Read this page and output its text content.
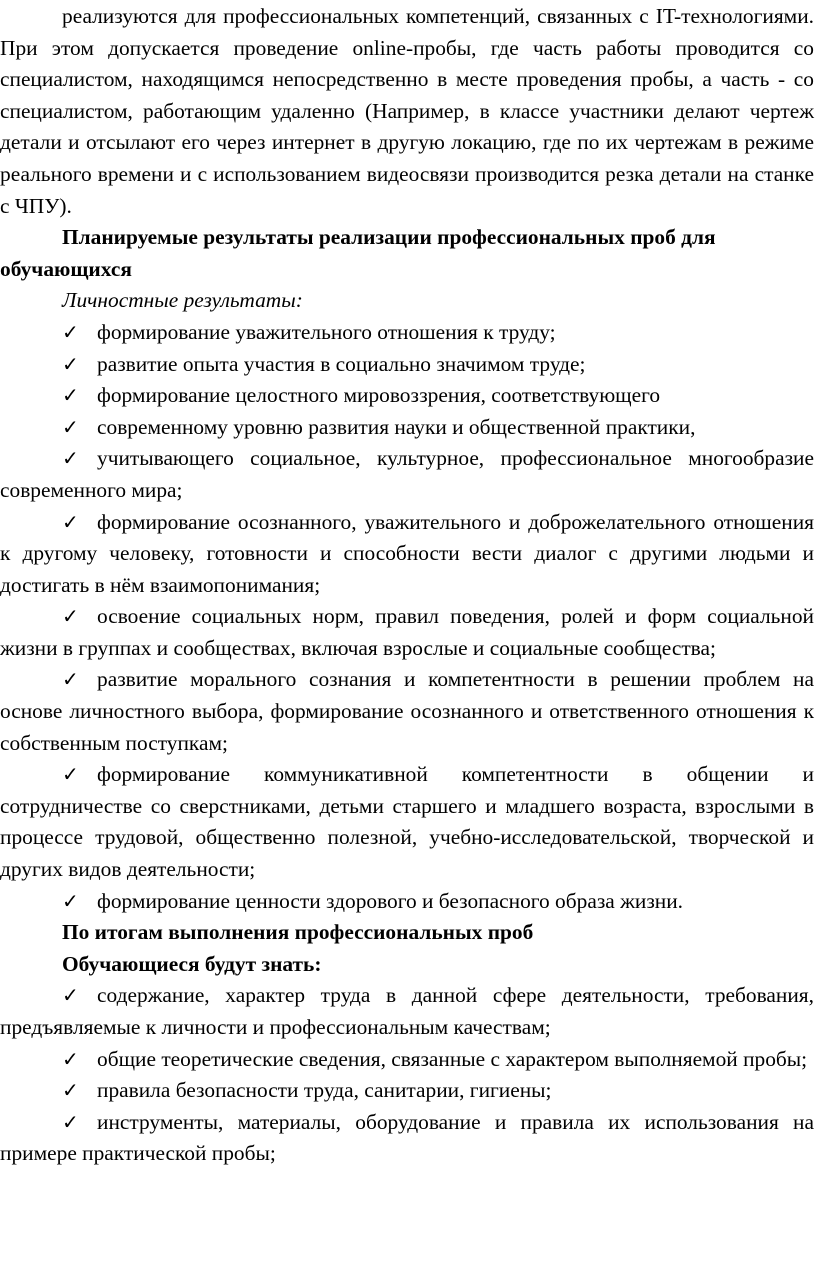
реализуются для профессиональных компетенций, связанных с IT-технологиями. При этом допускается проведение online-пробы, где часть работы проводится со специалистом, находящимся непосредственно в месте проведения пробы, а часть - со специалистом, работающим удаленно (Например, в классе участники делают чертеж детали и отсылают его через интернет в другую локацию, где по их чертежам в режиме реального времени и с использованием видеосвязи производится резка детали на станке с ЧПУ).

Планируемые результаты реализации профессиональных проб для обучающихся

Личностные результаты:

✓ формирование уважительного отношения к труду;

✓ развитие опыта участия в социально значимом труде;

✓ формирование целостного мировоззрения, соответствующего

✓ современному уровню развития науки и общественной практики,

✓ учитывающего социальное, культурное, профессиональное многообразие современного мира;

✓ формирование осознанного, уважительного и доброжелательного отношения к другому человеку, готовности и способности вести диалог с другими людьми и достигать в нём взаимопонимания;

✓ освоение социальных норм, правил поведения, ролей и форм социальной жизни в группах и сообществах, включая взрослые и социальные сообщества;

✓ развитие морального сознания и компетентности в решении проблем на основе личностного выбора, формирование осознанного и ответственного отношения к собственным поступкам;

✓ формирование коммуникативной компетентности в общении и сотрудничестве со сверстниками, детьми старшего и младшего возраста, взрослыми в процессе трудовой, общественно полезной, учебно-исследовательской, творческой и других видов деятельности;

✓ формирование ценности здорового и безопасного образа жизни.

По итогам выполнения профессиональных проб

Обучающиеся будут знать:

✓ содержание, характер труда в данной сфере деятельности, требования, предъявляемые к личности и профессиональным качествам;

✓ общие теоретические сведения, связанные с характером выполняемой пробы;

✓ правила безопасности труда, санитарии, гигиены;

✓ инструменты, материалы, оборудование и правила их использования на примере практической пробы;
